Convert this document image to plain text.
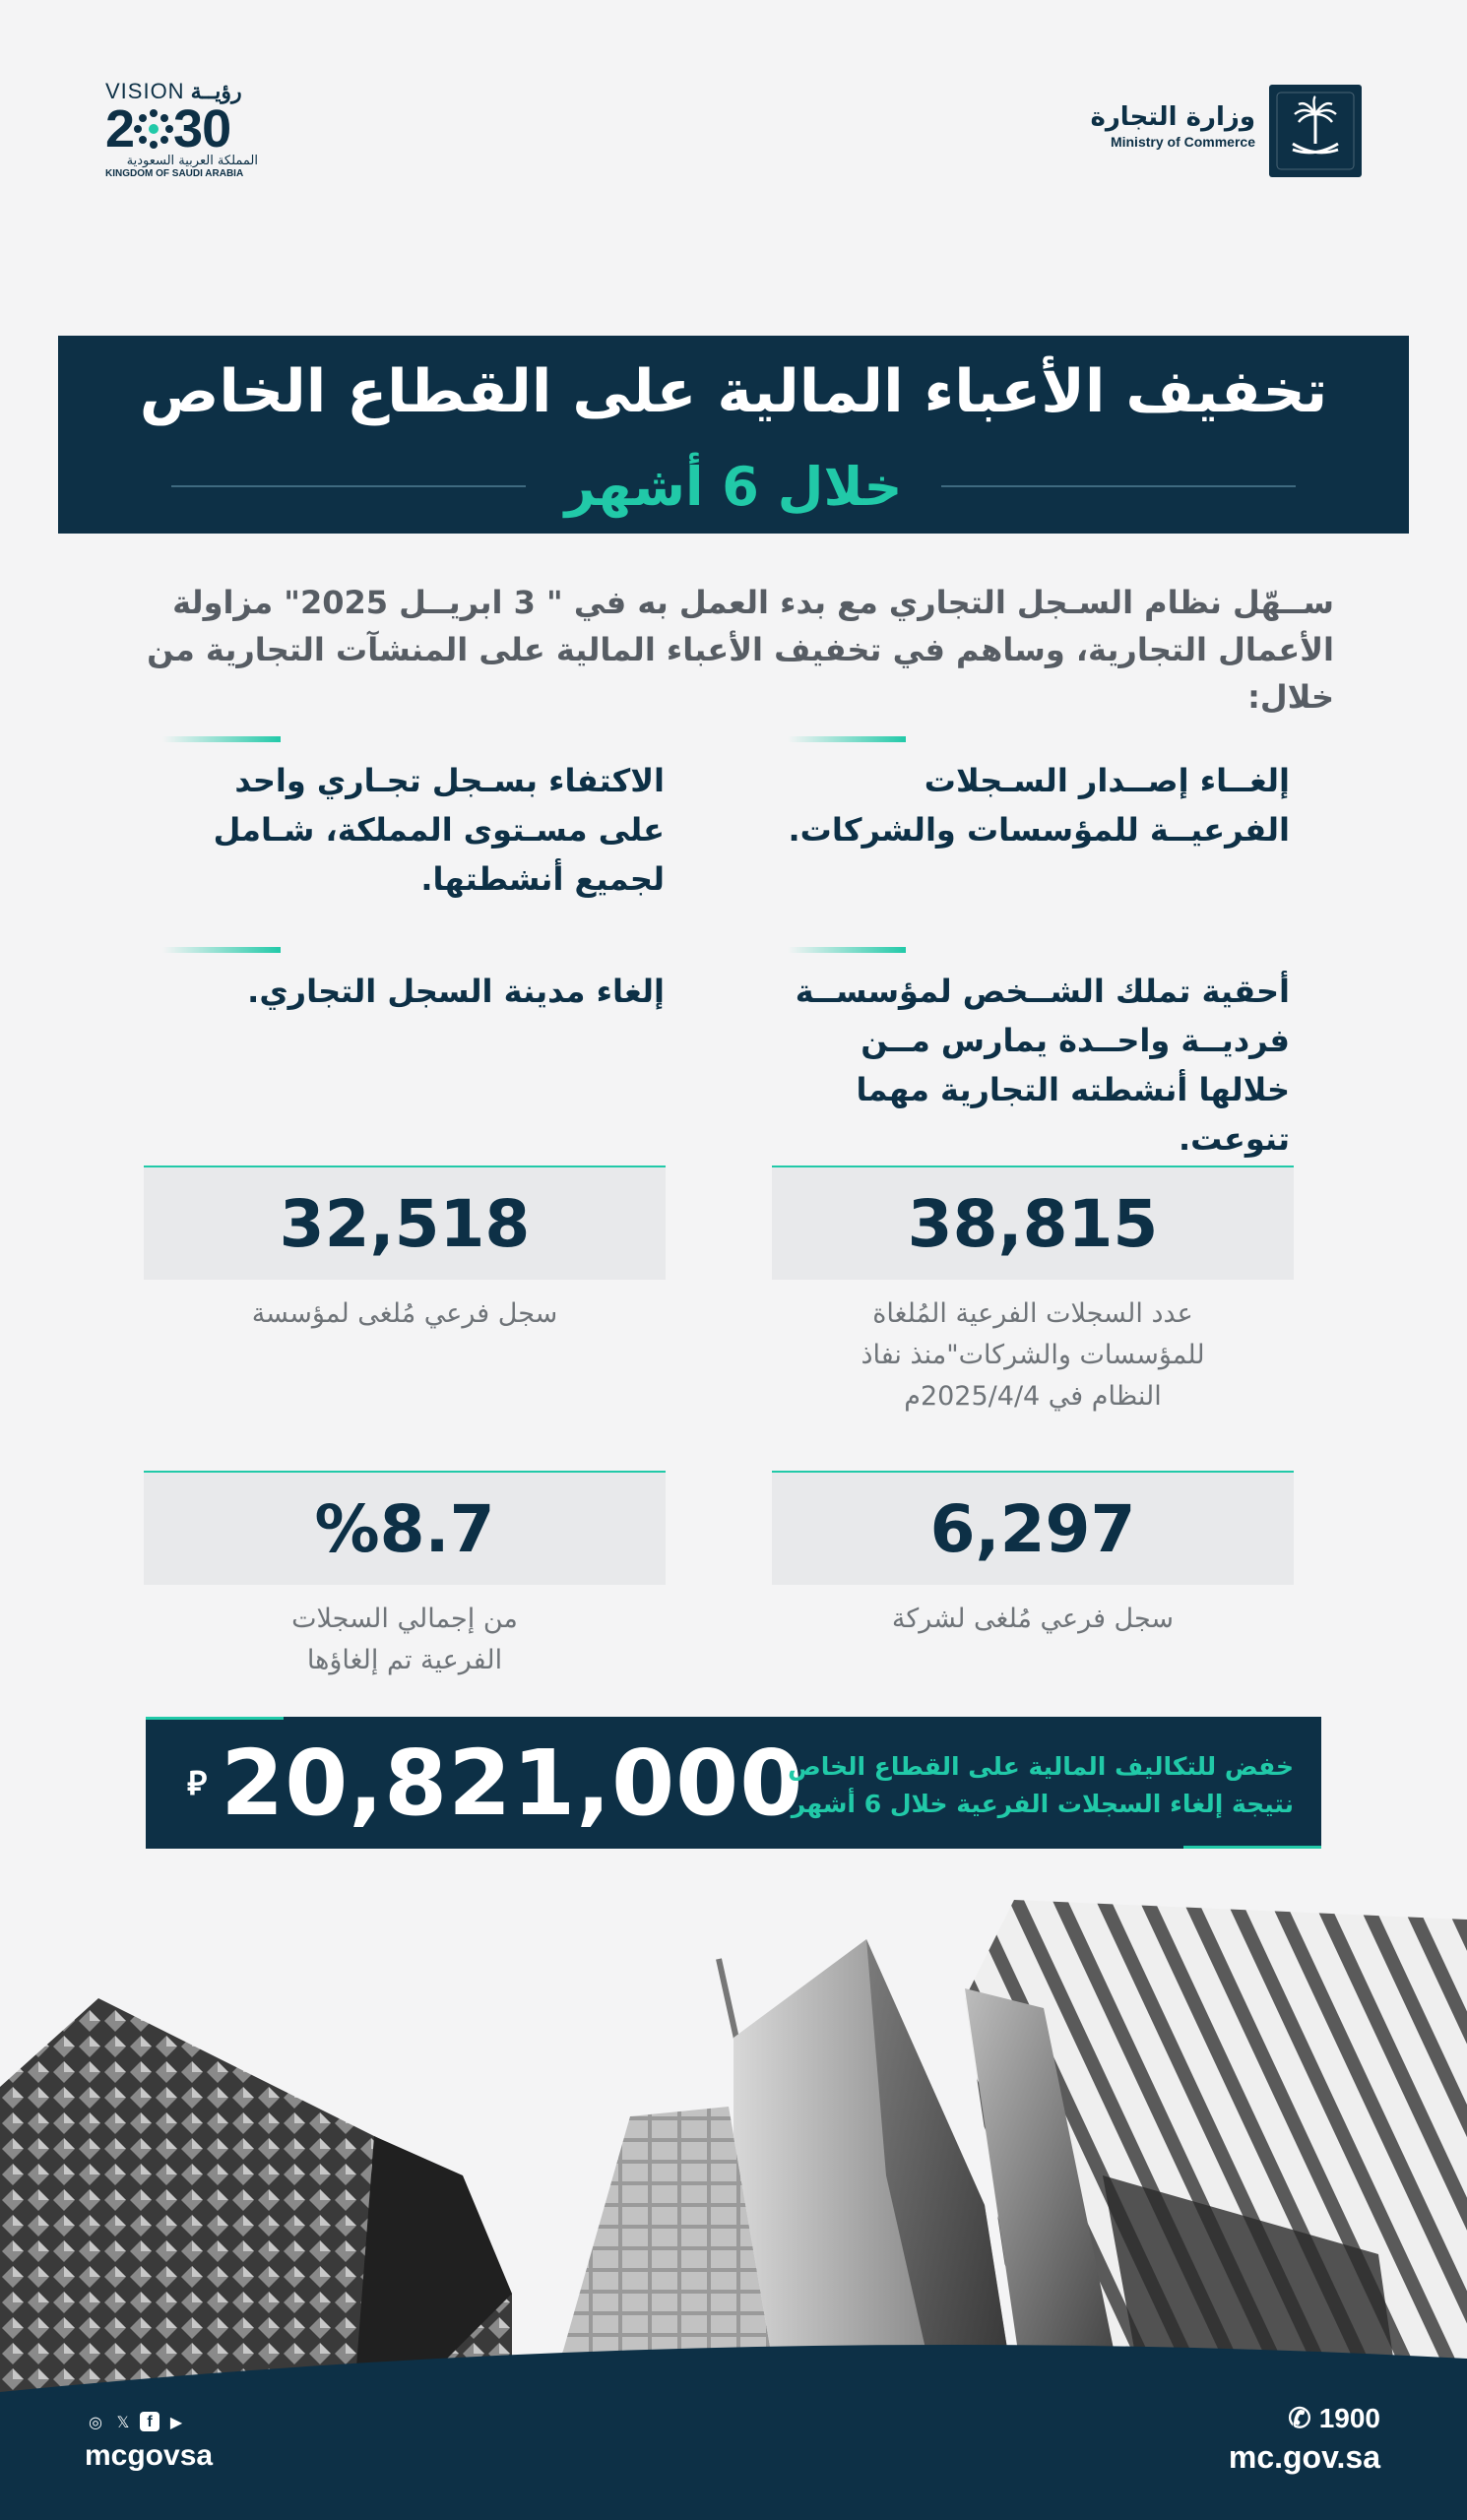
وزارة التجارة
Ministry of Commerce
VISION رؤيــة
2 30
المملكة العربية السعودية
KINGDOM OF SAUDI ARABIA
تخفيف الأعباء المالية على القطاع الخاص
خلال 6 أشهر
ســهّل نظام السـجل التجاري مع بدء العمل به في " 3 ابريــل 2025" مزاولة الأعمال التجارية، وساهم في تخفيف الأعباء المالية على المنشآت التجارية من خلال:
إلغــاء إصــدار السـجلات الفرعيــة للمؤسسات والشركات.
الاكتفاء بسـجل تجـاري واحد على مسـتوى المملكة، شـامل لجميع أنشطتها.
أحقية تملك الشــخص لمؤسســة فرديــة واحــدة يمارس مــن خلالها أنشطته التجارية مهما تنوعت.
إلغاء مدينة السجل التجاري.
38,815
عدد السجلات الفرعية المُلغاة للمؤسسات والشركات"منذ نفاذ النظام في 2025/4/4م
32,518
سجل فرعي مُلغى لمؤسسة
6,297
سجل فرعي مُلغى لشركة
%8.7
من إجمالي السجلات الفرعية تم إلغاؤها
⃁ 20,821,000
خفض للتكاليف المالية على القطاع الخاص
نتيجة إلغاء السجلات الفرعية خلال 6 أشهر
◎ 𝕏	f	▶
mcgovsa
✆ 1900
mc.gov.sa
